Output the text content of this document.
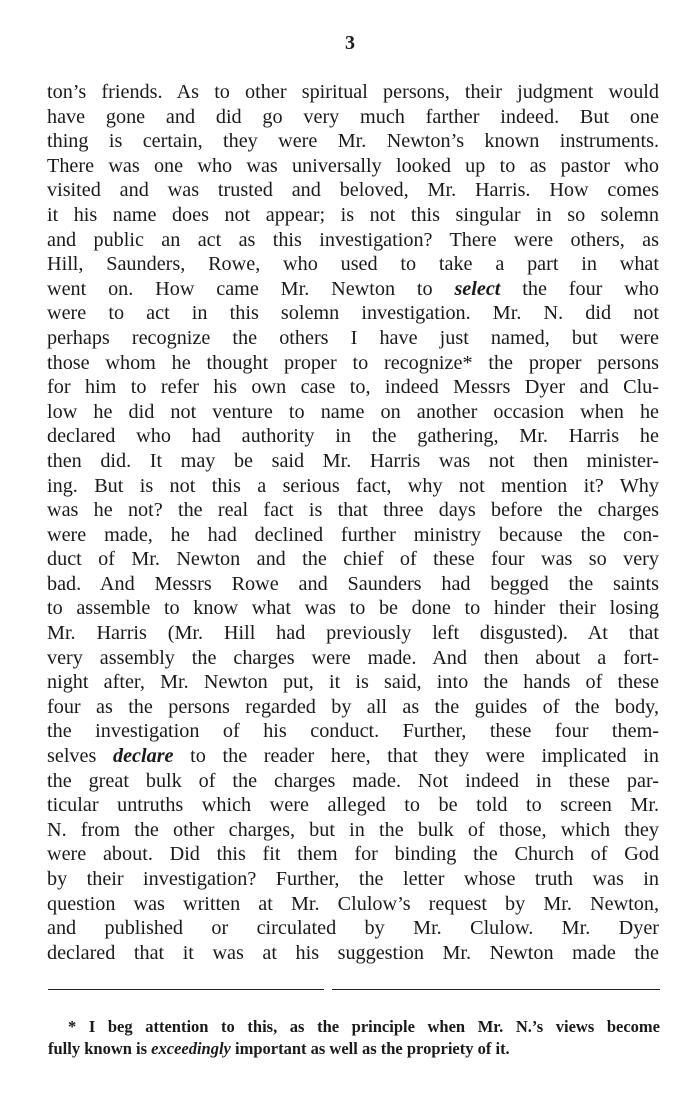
3
ton’s friends. As to other spiritual persons, their judgment would
have gone and did go very much farther indeed. But one
thing is certain, they were Mr. Newton’s known instruments.
There was one who was universally looked up to as pastor who
visited and was trusted and beloved, Mr. Harris. How comes
it his name does not appear; is not this singular in so solemn
and public an act as this investigation? There were others, as
Hill, Saunders, Rowe, who used to take a part in what
went on. How came Mr. Newton to select the four who
were to act in this solemn investigation. Mr. N. did not
perhaps recognize the others I have just named, but were
those whom he thought proper to recognize* the proper persons
for him to refer his own case to, indeed Messrs Dyer and Clu-
low he did not venture to name on another occasion when he
declared who had authority in the gathering, Mr. Harris he
then did. It may be said Mr. Harris was not then minister-
ing. But is not this a serious fact, why not mention it? Why
was he not? the real fact is that three days before the charges
were made, he had declined further ministry because the con-
duct of Mr. Newton and the chief of these four was so very
bad. And Messrs Rowe and Saunders had begged the saints
to assemble to know what was to be done to hinder their losing
Mr. Harris (Mr. Hill had previously left disgusted). At that
very assembly the charges were made. And then about a fort-
night after, Mr. Newton put, it is said, into the hands of these
four as the persons regarded by all as the guides of the body,
the investigation of his conduct. Further, these four them-
selves declare to the reader here, that they were implicated in
the great bulk of the charges made. Not indeed in these par-
ticular untruths which were alleged to be told to screen Mr.
N. from the other charges, but in the bulk of those, which they
were about. Did this fit them for binding the Church of God
by their investigation? Further, the letter whose truth was in
question was written at Mr. Clulow’s request by Mr. Newton,
and published or circulated by Mr. Clulow. Mr. Dyer
declared that it was at his suggestion Mr. Newton made the
* I beg attention to this, as the principle when Mr. N.’s views become
fully known is exceedingly important as well as the propriety of it.
